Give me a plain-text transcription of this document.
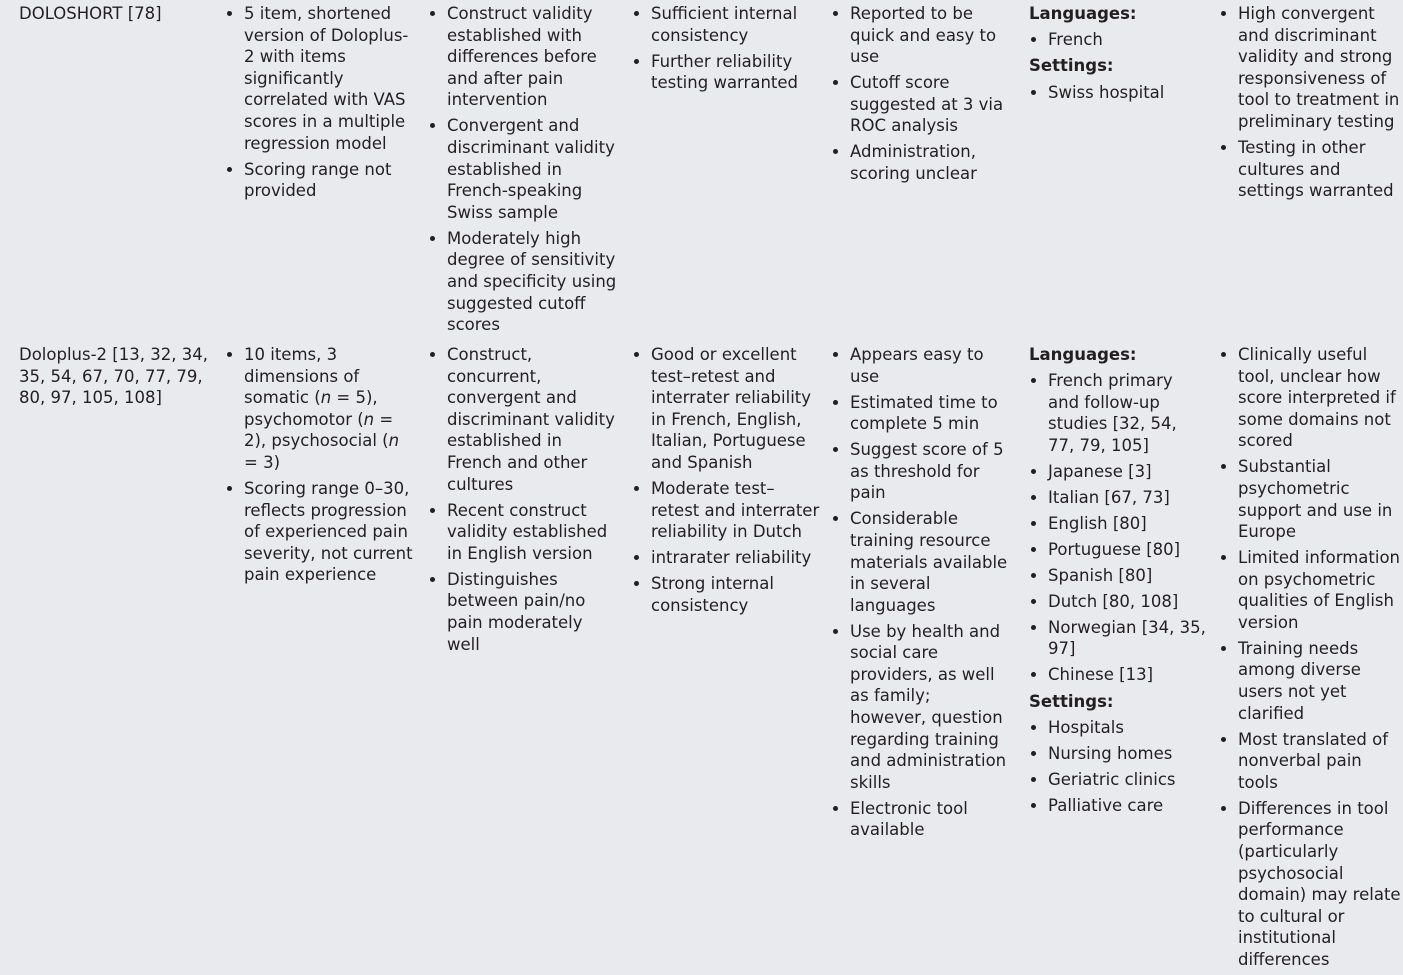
DOLOSHORT [78]	5 item, shortened version of Doloplus-2 with items significantly correlated with VAS scores in a multiple regression model
Scoring range not provided
Construct validity established with differences before and after pain intervention
Convergent and discriminant validity established in French-speaking Swiss sample
Moderately high degree of sensitivity and specificity using suggested cutoff scores
Sufficient internal consistency
Further reliability testing warranted
Reported to be quick and easy to use
Cutoff score suggested at 3 via ROC analysis
Administration, scoring unclear
Languages:
French
Settings:
Swiss hospital
High convergent and discriminant validity and strong responsiveness of tool to treatment in preliminary testing
Testing in other cultures and settings warranted
Doloplus-2 [13, 32, 34, 35, 54, 67, 70, 77, 79, 80, 97, 105, 108]
10 items, 3 dimensions of somatic (n = 5), psychomotor (n = 2), psychosocial (n = 3)
Scoring range 0–30, reflects progression of experienced pain severity, not current pain experience
Construct, concurrent, convergent and discriminant validity established in French and other cultures
Recent construct validity established in English version
Distinguishes between pain/no pain moderately well
Good or excellent test–retest and interrater reliability in French, English, Italian, Portuguese and Spanish
Moderate test–retest and interrater reliability in Dutch
intrarater reliability
Strong internal consistency
Appears easy to use
Estimated time to complete 5 min
Suggest score of 5 as threshold for pain
Considerable training resource materials available in several languages
Use by health and social care providers, as well as family; however, question regarding training and administration skills
Electronic tool available
Languages:
French primary and follow-up studies [32, 54, 77, 79, 105]
Japanese [3]
Italian [67, 73]
English [80]
Portuguese [80]
Spanish [80]
Dutch [80, 108]
Norwegian [34, 35, 97]
Chinese [13]
Settings:
Hospitals
Nursing homes
Geriatric clinics
Palliative care
Clinically useful tool, unclear how score interpreted if some domains not scored
Substantial psychometric support and use in Europe
Limited information on psychometric qualities of English version
Training needs among diverse users not yet clarified
Most translated of nonverbal pain tools
Differences in tool performance (particularly psychosocial domain) may relate to cultural or institutional differences
